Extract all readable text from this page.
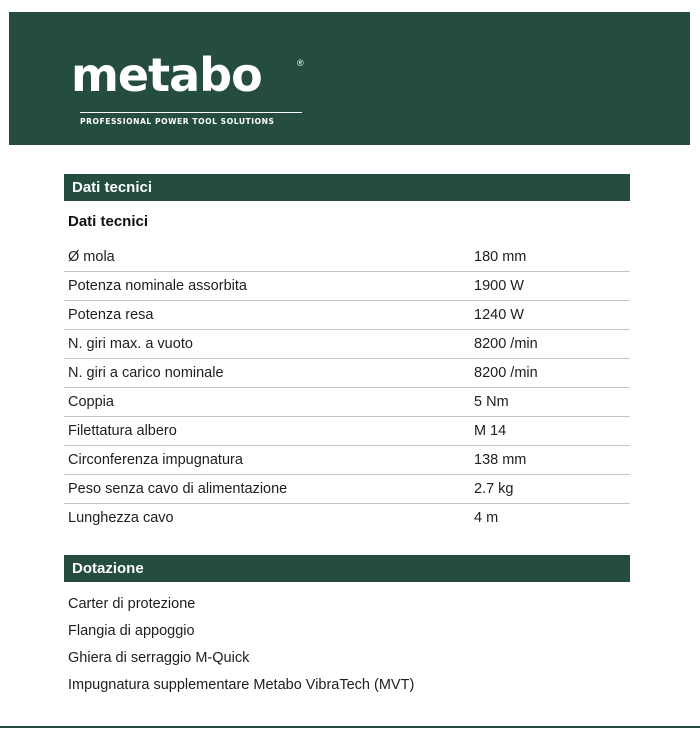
metabo	®
PROFESSIONAL POWER TOOL SOLUTIONS
Dati tecnici
Dati tecnici
Ø mola	180 mm
Potenza nominale assorbita	1900 W
Potenza resa	1240 W
N. giri max. a vuoto	8200 /min
N. giri a carico nominale	8200 /min
Coppia	5 Nm
Filettatura albero	M 14
Circonferenza impugnatura	138 mm
Peso senza cavo di alimentazione	2.7 kg
Lunghezza cavo	4 m
Dotazione
Carter di protezione
Flangia di appoggio
Ghiera di serraggio M-Quick
Impugnatura supplementare Metabo VibraTech (MVT)
